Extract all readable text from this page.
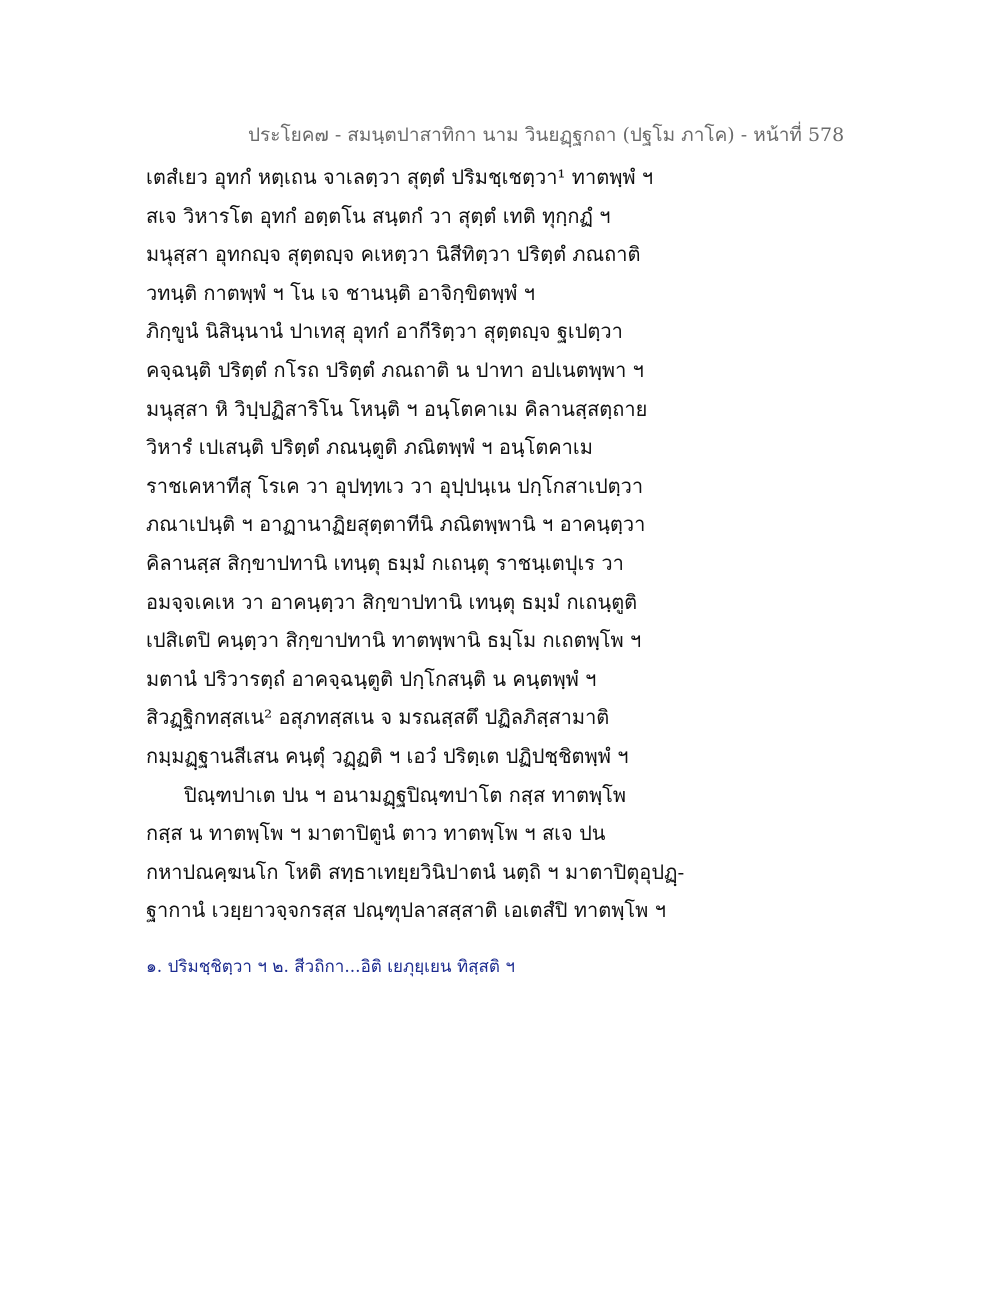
ประโยค๗ - สมนฺตปาสาทิกา นาม วินยฏฺฐกถา (ปฐโม ภาโค) - หน้าที่ 578
เตสํเยว อุทกํ หตฺเถน จาเลตฺวา สุตฺตํ ปริมชฺเชตฺวา¹ ทาตพฺพํ ฯ
สเจ วิหารโต อุทกํ อตฺตโน สนฺตกํ วา สุตฺตํ เทติ ทุกฺกฏํ ฯ
มนุสฺสา อุทกญฺจ สุตฺตญฺจ คเหตฺวา นิสีทิตฺวา ปริตฺตํ ภณถาติ
วทนฺติ กาตพฺพํ ฯ โน เจ ชานนฺติ อาจิกฺขิตพฺพํ ฯ
ภิกฺขูนํ นิสินฺนานํ ปาเทสุ อุทกํ อากีริตฺวา สุตฺตญฺจ ฐเปตฺวา
คจฺฉนฺติ ปริตฺตํ กโรถ ปริตฺตํ ภณถาติ น ปาทา อปเนตพฺพา ฯ
มนุสฺสา หิ วิปฺปฏิสาริโน โหนฺติ ฯ อนฺโตคาเม คิลานสฺสตฺถาย
วิหารํ เปเสนฺติ ปริตฺตํ ภณนฺตูติ ภณิตพฺพํ ฯ อนฺโตคาเม
ราชเคหาทีสุ โรเค วา อุปทฺทเว วา อุปฺปนฺเน ปกฺโกสาเปตฺวา
ภณาเปนฺติ ฯ อาฏานาฏิยสุตฺตาทีนิ ภณิตพฺพานิ ฯ อาคนฺตฺวา
คิลานสฺส สิกฺขาปทานิ เทนฺตุ ธมฺมํ กเถนฺตุ ราชนฺเตปุเร วา
อมจฺจเคเห วา อาคนฺตฺวา สิกฺขาปทานิ เทนฺตุ ธมฺมํ กเถนฺตูติ
เปสิเตปิ คนฺตฺวา สิกฺขาปทานิ ทาตพฺพานิ ธมฺโม กเถตพฺโพ ฯ
มตานํ ปริวารตฺถํ อาคจฺฉนฺตูติ ปกฺโกสนฺติ น คนฺตพฺพํ ฯ
สิวฏฺฐิกทสฺสเน² อสุภทสฺสเน จ มรณสฺสตึ ปฏิลภิสฺสามาติ
กมฺมฏฺฐานสีเสน คนฺตุํ วฏฺฏติ ฯ เอวํ ปริตฺเต ปฏิปชฺชิตพฺพํ ฯ
ปิณฺฑปาเต ปน ฯ อนามฏฺฐปิณฺฑปาโต กสฺส ทาตพฺโพ
กสฺส น ทาตพฺโพ ฯ มาตาปิตูนํ ตาว ทาตพฺโพ ฯ สเจ ปน
กหาปณคฺฆนโก โหติ สทฺธาเทยฺยวินิปาตนํ นตฺถิ ฯ มาตาปิตุอุปฏฺ-
ฐากานํ เวยฺยาวจฺจกรสฺส ปณฺฑุปลาสสฺสาติ เอเตสํปิ ทาตพฺโพ ฯ
๑. ปริมชฺชิตฺวา ฯ ๒. สีวถิกา...อิติ เยภุยฺเยน ทิสฺสติ ฯ
